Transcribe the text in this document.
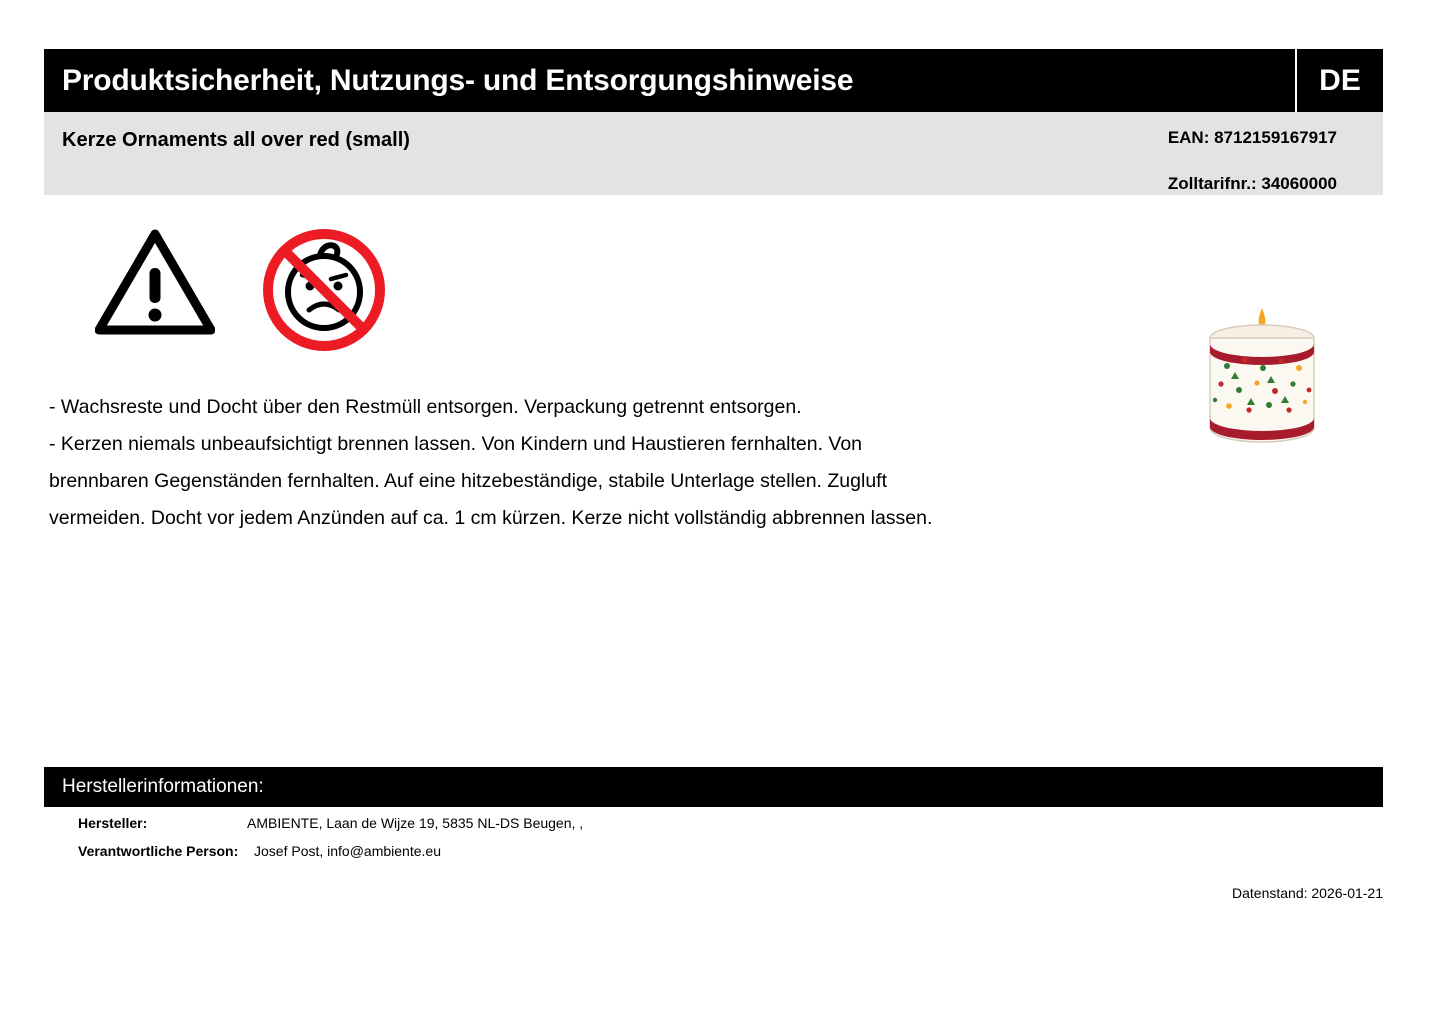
Produktsicherheit, Nutzungs- und Entsorgungshinweise	DE
Kerze Ornaments all over red (small)	EAN: 8712159167917
Zolltarifnr.: 34060000

- Wachsreste und Docht über den Restmüll entsorgen. Verpackung getrennt entsorgen.

- Kerzen niemals unbeaufsichtigt brennen lassen. Von Kindern und Haustieren fernhalten. Von

brennbaren Gegenständen fernhalten. Auf eine hitzebeständige, stabile Unterlage stellen. Zugluft

vermeiden. Docht vor jedem Anzünden auf ca. 1 cm kürzen. Kerze nicht vollständig abbrennen lassen.

Herstellerinformationen:
Hersteller:	AMBIENTE, Laan de Wijze 19, 5835 NL-DS Beugen, ,
Verantwortliche Person: Josef Post, info@ambiente.eu
Datenstand: 2026-01-21
